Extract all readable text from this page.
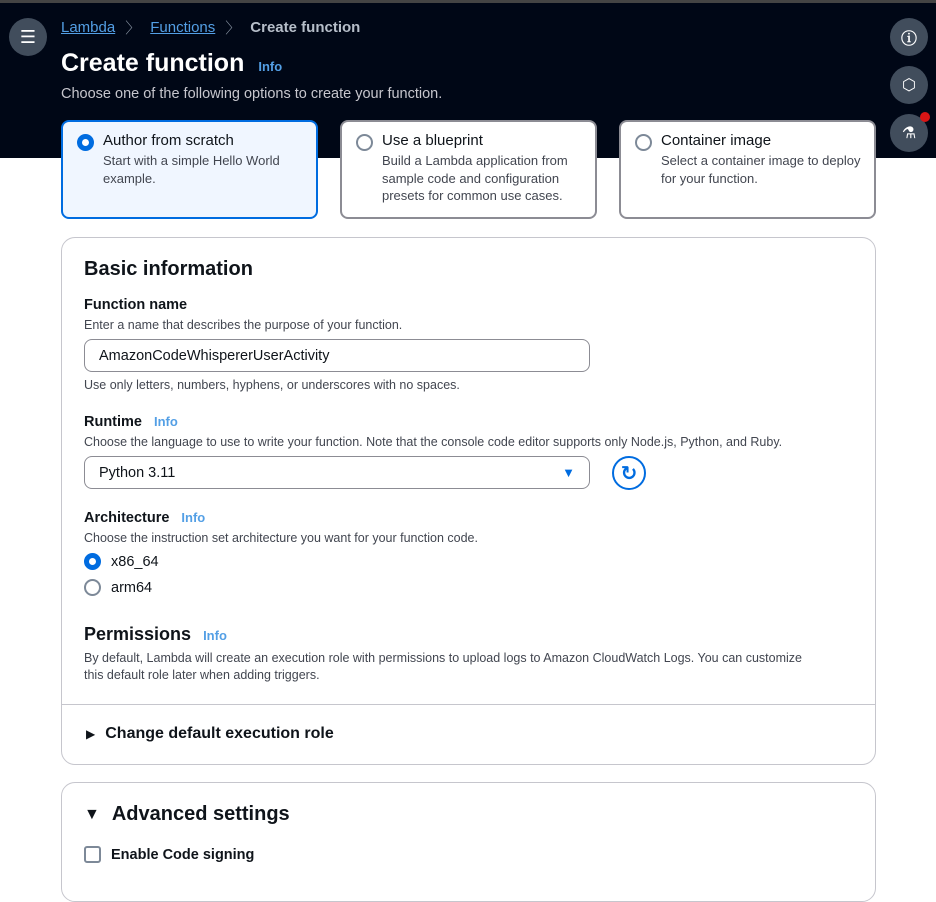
☰ Lambda 〉 Functions 〉 Create function
Create function Info
Choose one of the following options to create your function.
ⓘ
⬡
⚗
Author from scratch
Start with a simple Hello World example.
Use a blueprint
Build a Lambda application from sample code and configuration presets for common use cases.
Container image
Select a container image to deploy for your function.
Basic information
Function name
Enter a name that describes the purpose of your function.
AmazonCodeWhispererUserActivity
Use only letters, numbers, hyphens, or underscores with no spaces.
Runtime Info
Choose the language to use to write your function. Note that the console code editor supports only Node.js, Python, and Ruby.
Python 3.11	▼ ↻
Architecture Info
Choose the instruction set architecture you want for your function code.
x86_64
arm64
Permissions Info
By default, Lambda will create an execution role with permissions to upload logs to Amazon CloudWatch Logs. You can customize this default role later when adding triggers.
▶ Change default execution role
▼ Advanced settings
Enable Code signing
